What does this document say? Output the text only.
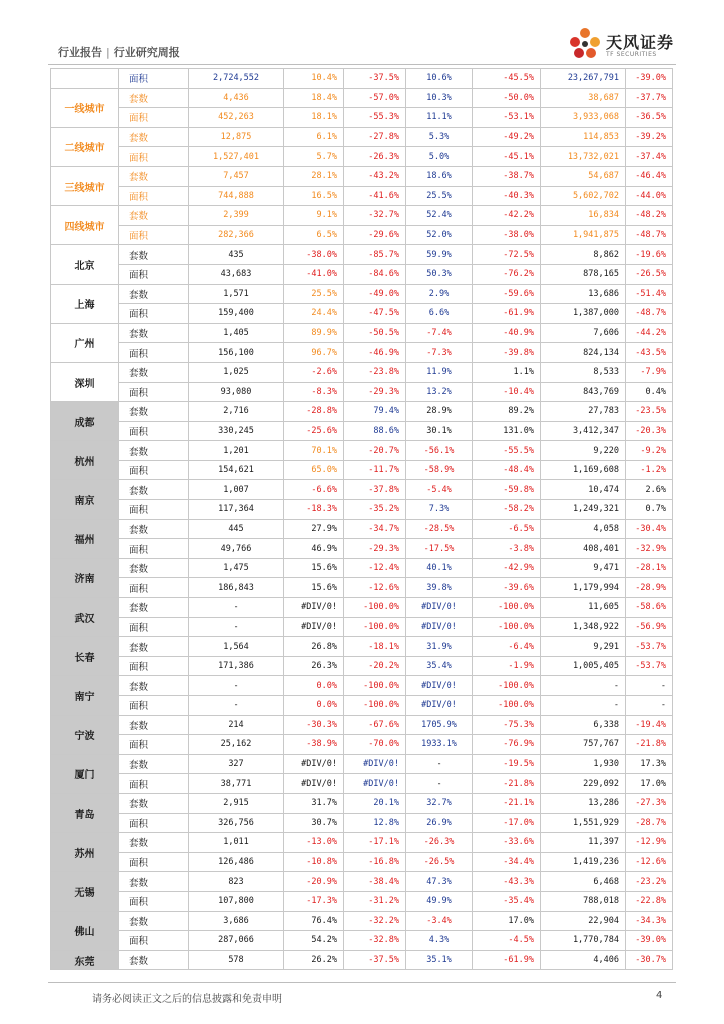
行业报告 | 行业研究周报
天风证券
TF SECURITIES
	面积	2,724,552	10.4%	-37.5%	10.6%	-45.5%	23,267,791	-39.0%
一线城市	套数	4,436	18.4%	-57.0%	10.3%	-50.0%	38,687	-37.7%
	面积	452,263	18.1%	-55.3%	11.1%	-53.1%	3,933,068	-36.5%
二线城市	套数	12,875	6.1%	-27.8%	5.3%	-49.2%	114,853	-39.2%
	面积	1,527,401	5.7%	-26.3%	5.0%	-45.1%	13,732,021	-37.4%
三线城市	套数	7,457	28.1%	-43.2%	18.6%	-38.7%	54,687	-46.4%
	面积	744,888	16.5%	-41.6%	25.5%	-40.3%	5,602,702	-44.0%
四线城市	套数	2,399	9.1%	-32.7%	52.4%	-42.2%	16,834	-48.2%
	面积	282,366	6.5%	-29.6%	52.0%	-38.0%	1,941,875	-48.7%
北京	套数	435	-38.0%	-85.7%	59.9%	-72.5%	8,862	-19.6%
	面积	43,683	-41.0%	-84.6%	50.3%	-76.2%	878,165	-26.5%
上海	套数	1,571	25.5%	-49.0%	2.9%	-59.6%	13,686	-51.4%
	面积	159,400	24.4%	-47.5%	6.6%	-61.9%	1,387,000	-48.7%
广州	套数	1,405	89.9%	-50.5%	-7.4%	-40.9%	7,606	-44.2%
	面积	156,100	96.7%	-46.9%	-7.3%	-39.8%	824,134	-43.5%
深圳	套数	1,025	-2.6%	-23.8%	11.9%	1.1%	8,533	-7.9%
	面积	93,080	-8.3%	-29.3%	13.2%	-10.4%	843,769	0.4%
成都	套数	2,716	-28.8%	79.4%	28.9%	89.2%	27,783	-23.5%
	面积	330,245	-25.6%	88.6%	30.1%	131.0%	3,412,347	-20.3%
杭州	套数	1,201	70.1%	-20.7%	-56.1%	-55.5%	9,220	-9.2%
	面积	154,621	65.0%	-11.7%	-58.9%	-48.4%	1,169,608	-1.2%
南京	套数	1,007	-6.6%	-37.8%	-5.4%	-59.8%	10,474	2.6%
	面积	117,364	-18.3%	-35.2%	7.3%	-58.2%	1,249,321	0.7%
福州	套数	445	27.9%	-34.7%	-28.5%	-6.5%	4,058	-30.4%
	面积	49,766	46.9%	-29.3%	-17.5%	-3.8%	408,401	-32.9%
济南	套数	1,475	15.6%	-12.4%	40.1%	-42.9%	9,471	-28.1%
	面积	186,843	15.6%	-12.6%	39.8%	-39.6%	1,179,994	-28.9%
武汉	套数	-	#DIV/0!	-100.0%	#DIV/0!	-100.0%	11,605	-58.6%
	面积	-	#DIV/0!	-100.0%	#DIV/0!	-100.0%	1,348,922	-56.9%
长春	套数	1,564	26.8%	-18.1%	31.9%	-6.4%	9,291	-53.7%
	面积	171,386	26.3%	-20.2%	35.4%	-1.9%	1,005,405	-53.7%
南宁	套数	-	0.0%	-100.0%	#DIV/0!	-100.0%	-	-
	面积	-	0.0%	-100.0%	#DIV/0!	-100.0%	-	-
宁波	套数	214	-30.3%	-67.6%	1705.9%	-75.3%	6,338	-19.4%
	面积	25,162	-38.9%	-70.0%	1933.1%	-76.9%	757,767	-21.8%
厦门	套数	327	#DIV/0!	#DIV/0!	-	-19.5%	1,930	17.3%
	面积	38,771	#DIV/0!	#DIV/0!	-	-21.8%	229,092	17.0%
青岛	套数	2,915	31.7%	20.1%	32.7%	-21.1%	13,286	-27.3%
	面积	326,756	30.7%	12.8%	26.9%	-17.0%	1,551,929	-28.7%
苏州	套数	1,011	-13.0%	-17.1%	-26.3%	-33.6%	11,397	-12.9%
	面积	126,486	-10.8%	-16.8%	-26.5%	-34.4%	1,419,236	-12.6%
无锡	套数	823	-20.9%	-38.4%	47.3%	-43.3%	6,468	-23.2%
	面积	107,800	-17.3%	-31.2%	49.9%	-35.4%	788,018	-22.8%
佛山	套数	3,686	76.4%	-32.2%	-3.4%	17.0%	22,904	-34.3%
	面积	287,066	54.2%	-32.8%	4.3%	-4.5%	1,770,784	-39.0%
东莞	套数	578	26.2%	-37.5%	35.1%	-61.9%	4,406	-30.7%
请务必阅读正文之后的信息披露和免责申明	4
